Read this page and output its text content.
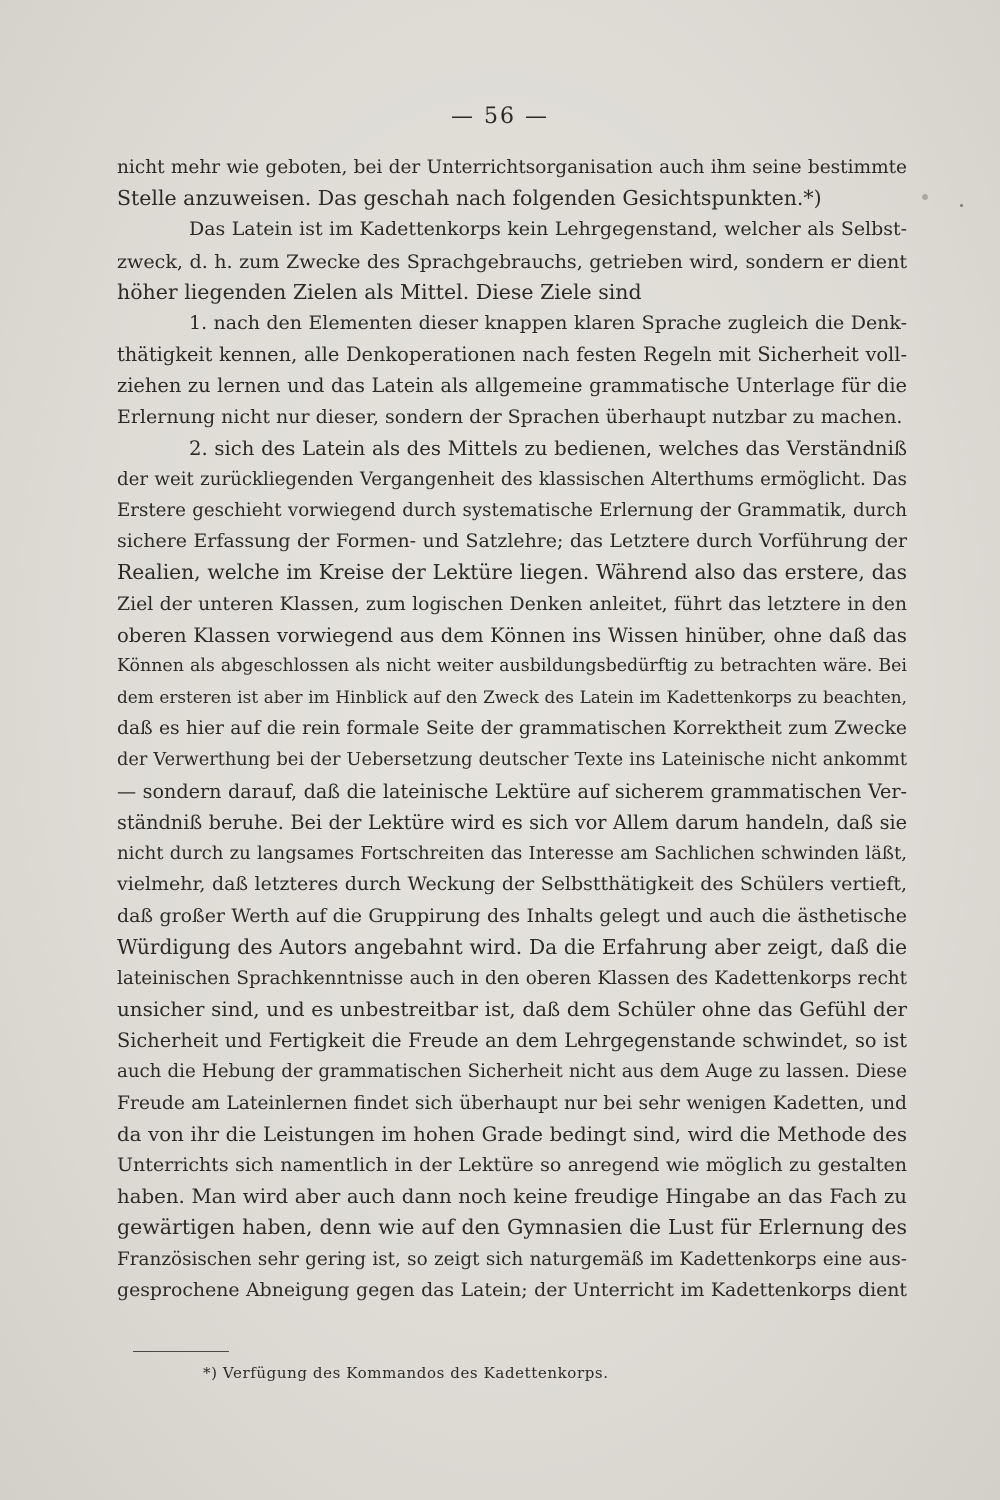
— 56 —
nicht mehr wie geboten, bei der Unterrichtsorganisation auch ihm seine bestimmte
Stelle anzuweisen. Das geschah nach folgenden Gesichtspunkten.*)
Das Latein ist im Kadettenkorps kein Lehrgegenstand, welcher als Selbst-
zweck, d. h. zum Zwecke des Sprachgebrauchs, getrieben wird, sondern er dient
höher liegenden Zielen als Mittel. Diese Ziele sind
1. nach den Elementen dieser knappen klaren Sprache zugleich die Denk-
thätigkeit kennen, alle Denkoperationen nach festen Regeln mit Sicherheit voll-
ziehen zu lernen und das Latein als allgemeine grammatische Unterlage für die
Erlernung nicht nur dieser, sondern der Sprachen überhaupt nutzbar zu machen.
2. sich des Latein als des Mittels zu bedienen, welches das Verständniß
der weit zurückliegenden Vergangenheit des klassischen Alterthums ermöglicht. Das
Erstere geschieht vorwiegend durch systematische Erlernung der Grammatik, durch
sichere Erfassung der Formen- und Satzlehre; das Letztere durch Vorführung der
Realien, welche im Kreise der Lektüre liegen. Während also das erstere, das
Ziel der unteren Klassen, zum logischen Denken anleitet, führt das letztere in den
oberen Klassen vorwiegend aus dem Können ins Wissen hinüber, ohne daß das
Können als abgeschlossen als nicht weiter ausbildungsbedürftig zu betrachten wäre. Bei
dem ersteren ist aber im Hinblick auf den Zweck des Latein im Kadettenkorps zu beachten,
daß es hier auf die rein formale Seite der grammatischen Korrektheit zum Zwecke
der Verwerthung bei der Uebersetzung deutscher Texte ins Lateinische nicht ankommt
— sondern darauf, daß die lateinische Lektüre auf sicherem grammatischen Ver-
ständniß beruhe. Bei der Lektüre wird es sich vor Allem darum handeln, daß sie
nicht durch zu langsames Fortschreiten das Interesse am Sachlichen schwinden läßt,
vielmehr, daß letzteres durch Weckung der Selbstthätigkeit des Schülers vertieft,
daß großer Werth auf die Gruppirung des Inhalts gelegt und auch die ästhetische
Würdigung des Autors angebahnt wird. Da die Erfahrung aber zeigt, daß die
lateinischen Sprachkenntnisse auch in den oberen Klassen des Kadettenkorps recht
unsicher sind, und es unbestreitbar ist, daß dem Schüler ohne das Gefühl der
Sicherheit und Fertigkeit die Freude an dem Lehrgegenstande schwindet, so ist
auch die Hebung der grammatischen Sicherheit nicht aus dem Auge zu lassen. Diese
Freude am Lateinlernen findet sich überhaupt nur bei sehr wenigen Kadetten, und
da von ihr die Leistungen im hohen Grade bedingt sind, wird die Methode des
Unterrichts sich namentlich in der Lektüre so anregend wie möglich zu gestalten
haben. Man wird aber auch dann noch keine freudige Hingabe an das Fach zu
gewärtigen haben, denn wie auf den Gymnasien die Lust für Erlernung des
Französischen sehr gering ist, so zeigt sich naturgemäß im Kadettenkorps eine aus-
gesprochene Abneigung gegen das Latein; der Unterricht im Kadettenkorps dient
*) Verfügung des Kommandos des Kadettenkorps.
